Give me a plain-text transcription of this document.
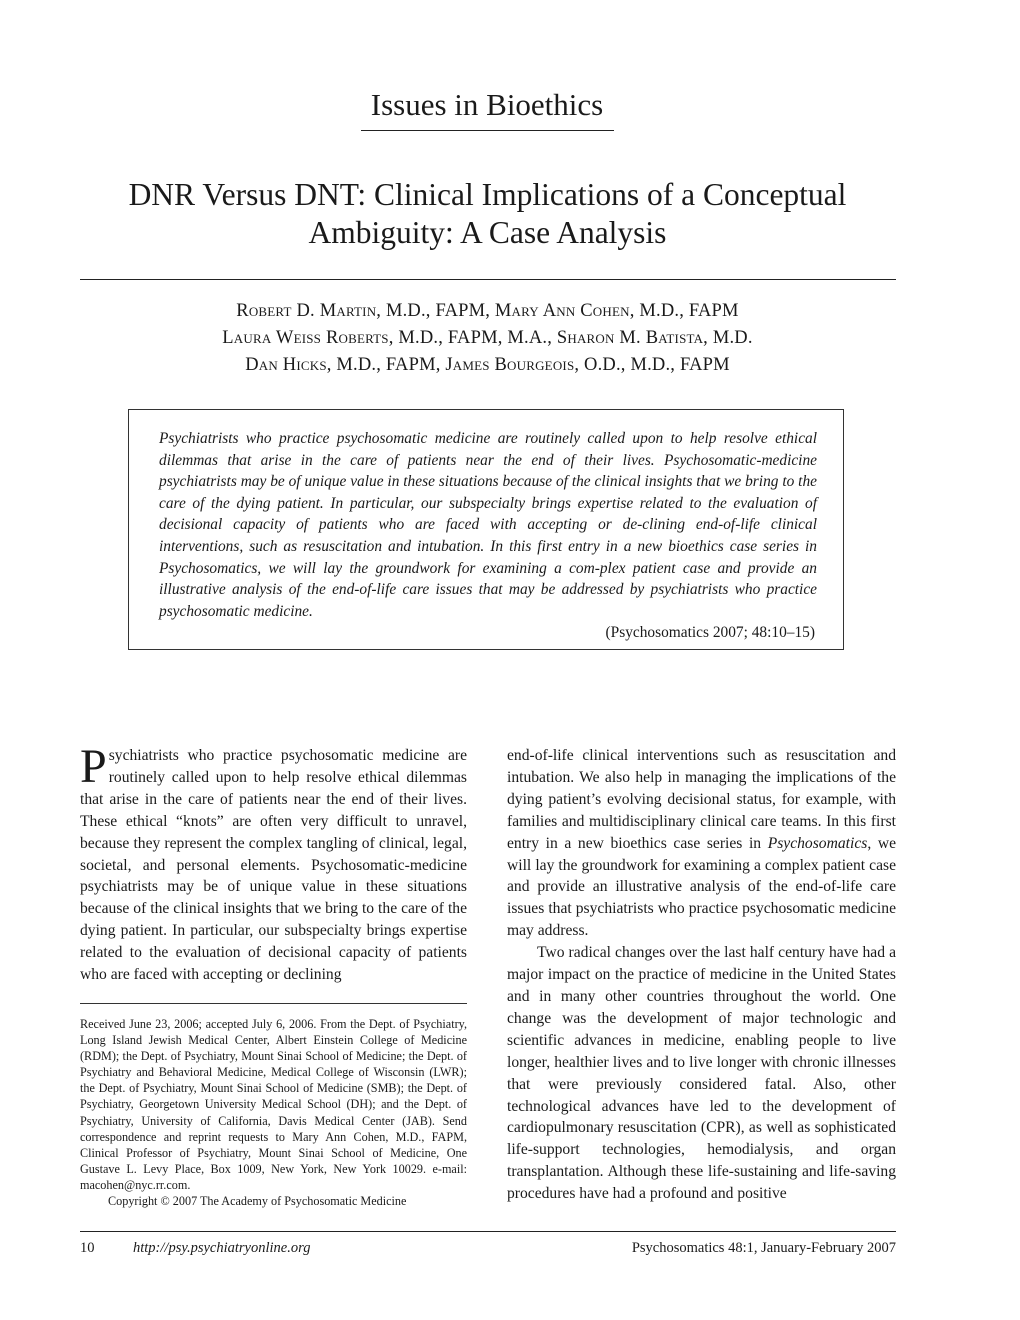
Issues in Bioethics
DNR Versus DNT: Clinical Implications of a Conceptual
Ambiguity: A Case Analysis
Robert D. Martin, M.D., FAPM, Mary Ann Cohen, M.D., FAPM
Laura Weiss Roberts, M.D., FAPM, M.A., Sharon M. Batista, M.D.
Dan Hicks, M.D., FAPM, James Bourgeois, O.D., M.D., FAPM
Psychiatrists who practice psychosomatic medicine are routinely called upon to help resolve ethical dilemmas that arise in the care of patients near the end of their lives. Psychosomatic-medicine psychiatrists may be of unique value in these situations because of the clinical insights that we bring to the care of the dying patient. In particular, our subspecialty brings expertise related to the evaluation of decisional capacity of patients who are faced with accepting or de-clining end-of-life clinical interventions, such as resuscitation and intubation. In this first entry in a new bioethics case series in Psychosomatics, we will lay the groundwork for examining a com-plex patient case and provide an illustrative analysis of the end-of-life care issues that may be addressed by psychiatrists who practice psychosomatic medicine.
(Psychosomatics 2007; 48:10–15)

Psychiatrists who practice psychosomatic medicine are routinely called upon to help resolve ethical dilemmas that arise in the care of patients near the end of their lives. These ethical “knots” are often very difficult to unravel, because they represent the complex tangling of clinical, legal, societal, and personal elements. Psychosomatic-medicine psychiatrists may be of unique value in these situations because of the clinical insights that we bring to the care of the dying patient. In particular, our subspecialty brings expertise related to the evaluation of decisional capacity of patients who are faced with accepting or declining

Received June 23, 2006; accepted July 6, 2006. From the Dept. of Psychiatry, Long Island Jewish Medical Center, Albert Einstein College of Medicine (RDM); the Dept. of Psychiatry, Mount Sinai School of Medicine; the Dept. of Psychiatry and Behavioral Medicine, Medical College of Wisconsin (LWR); the Dept. of Psychiatry, Mount Sinai School of Medicine (SMB); the Dept. of Psychiatry, Georgetown University Medical School (DH); and the Dept. of Psychiatry, University of California, Davis Medical Center (JAB). Send correspondence and reprint requests to Mary Ann Cohen, M.D., FAPM, Clinical Professor of Psychiatry, Mount Sinai School of Medicine, One Gustave L. Levy Place, Box 1009, New York, New York 10029. e-mail: macohen@nyc.rr.com.
Copyright © 2007 The Academy of Psychosomatic Medicine

end-of-life clinical interventions such as resuscitation and intubation. We also help in managing the implications of the dying patient’s evolving decisional status, for example, with families and multidisciplinary clinical care teams. In this first entry in a new bioethics case series in Psychosomatics, we will lay the groundwork for examining a complex patient case and provide an illustrative analysis of the end-of-life care issues that psychiatrists who practice psychosomatic medicine may address.

Two radical changes over the last half century have had a major impact on the practice of medicine in the United States and in many other countries throughout the world. One change was the development of major technologic and scientific advances in medicine, enabling people to live longer, healthier lives and to live longer with chronic illnesses that were previously considered fatal. Also, other technological advances have led to the development of cardiopulmonary resuscitation (CPR), as well as sophisticated life-support technologies, hemodialysis, and organ transplantation. Although these life-sustaining and life-saving procedures have had a profound and positive

10	http://psy.psychiatryonline.org	Psychosomatics 48:1, January-February 2007
